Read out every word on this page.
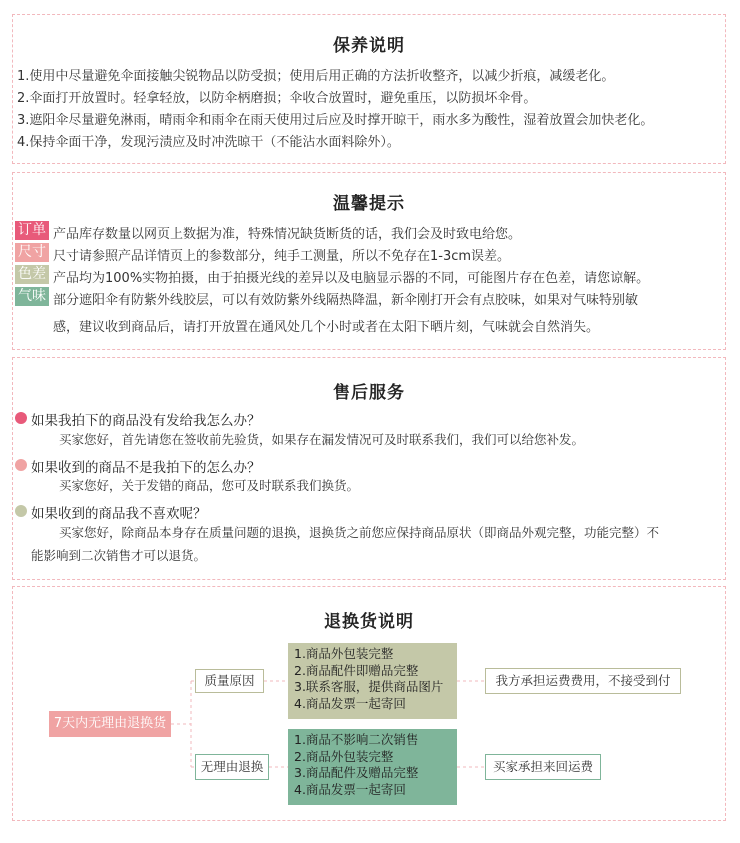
保养说明
1.使用中尽量避免伞面接触尖锐物品以防受损；使用后用正确的方法折收整齐，以减少折痕，减缓老化。
2.伞面打开放置时。轻拿轻放，以防伞柄磨损；伞收合放置时，避免重压，以防损坏伞骨。
3.遮阳伞尽量避免淋雨，晴雨伞和雨伞在雨天使用过后应及时撑开晾干，雨水多为酸性，湿着放置会加快老化。
4.保持伞面干净，发现污渍应及时冲洗晾干（不能沾水面料除外）。
温馨提示
订单 产品库存数量以网页上数据为准，特殊情况缺货断货的话，我们会及时致电给您。
尺寸 尺寸请参照产品详情页上的参数部分，纯手工测量，所以不免存在1-3cm误差。
色差 产品均为100%实物拍摄，由于拍摄光线的差异以及电脑显示器的不同，可能图片存在色差，请您谅解。
气味 部分遮阳伞有防紫外线胶层，可以有效防紫外线隔热降温，新伞刚打开会有点胶味，如果对气味特别敏
感，建议收到商品后，请打开放置在通风处几个小时或者在太阳下晒片刻，气味就会自然消失。
售后服务
如果我拍下的商品没有发给我怎么办？
买家您好，首先请您在签收前先验货，如果存在漏发情况可及时联系我们，我们可以给您补发。
如果收到的商品不是我拍下的怎么办？
买家您好，关于发错的商品，您可及时联系我们换货。
如果收到的商品我不喜欢呢？
买家您好，除商品本身存在质量问题的退换，退换货之前您应保持商品原状（即商品外观完整，功能完整）不
能影响到二次销售才可以退货。
退换货说明
7天内无理由退换货
质量原因
1.商品外包装完整
2.商品配件即赠品完整
3.联系客服，提供商品图片
4.商品发票一起寄回
我方承担运费费用，不接受到付
无理由退换
1.商品不影响二次销售
2.商品外包装完整
3.商品配件及赠品完整
4.商品发票一起寄回
买家承担来回运费
